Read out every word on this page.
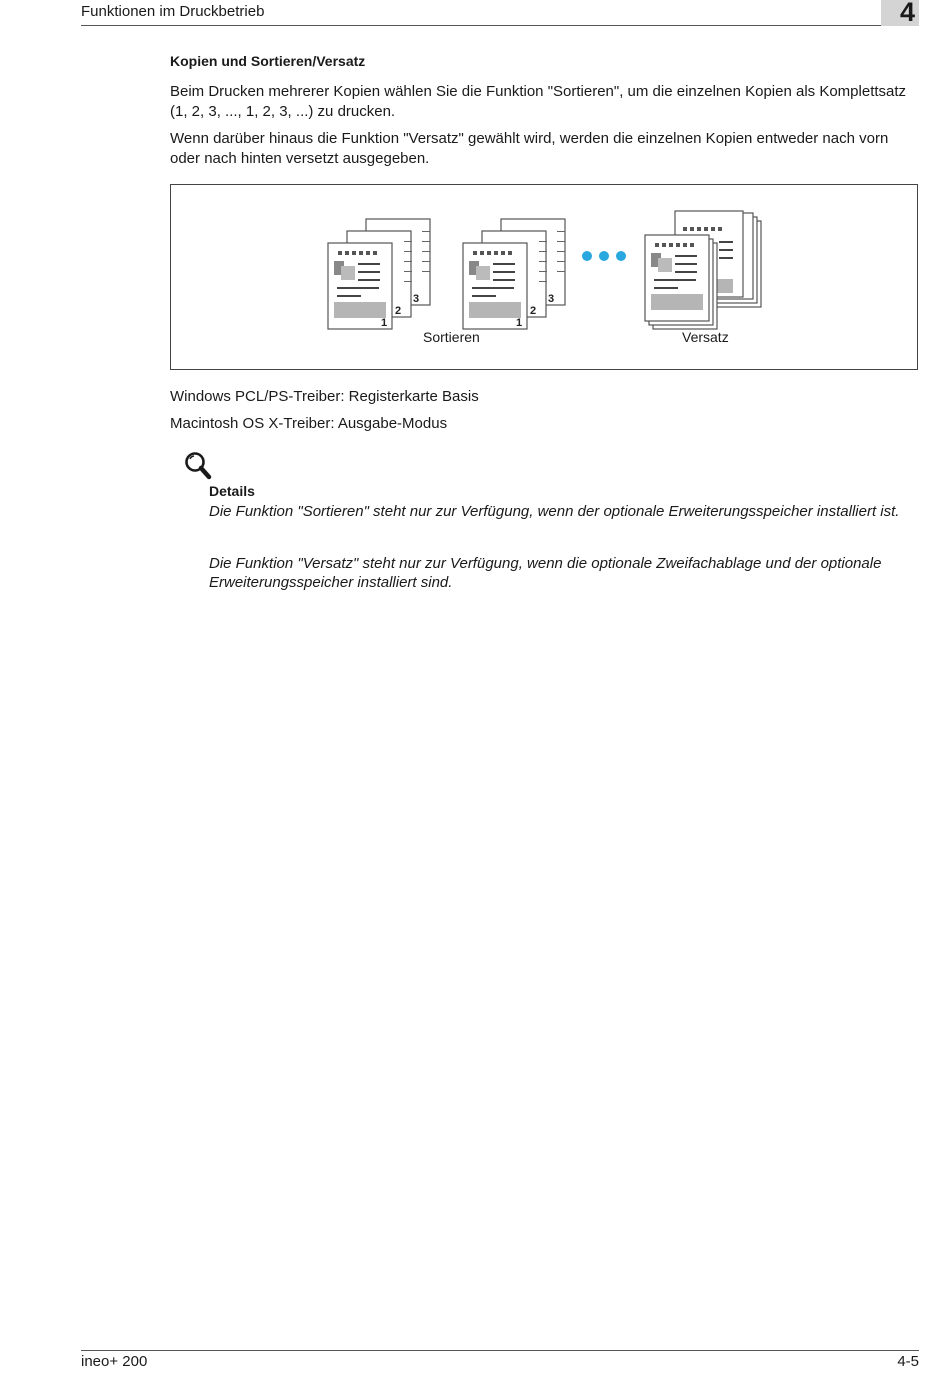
Funktionen im Druckbetrieb	4
Kopien und Sortieren/Versatz

Beim Drucken mehrerer Kopien wählen Sie die Funktion "Sortieren", um die einzelnen Kopien als Komplettsatz (1, 2, 3, ..., 1, 2, 3, ...) zu drucken.

Wenn darüber hinaus die Funktion "Versatz" gewählt wird, werden die einzelnen Kopien entweder nach vorn oder nach hinten versetzt ausgegeben.

1
2
3
1
2
3
Sortieren	Versatz

Windows PCL/PS-Treiber: Registerkarte Basis

Macintosh OS X-Treiber: Ausgabe-Modus

Details

Die Funktion "Sortieren" steht nur zur Verfügung, wenn der optionale Erweiterungsspeicher installiert ist.

Die Funktion "Versatz" steht nur zur Verfügung, wenn die optionale Zweifachablage und der optionale Erweiterungsspeicher installiert sind.

ineo+ 200	4-5
